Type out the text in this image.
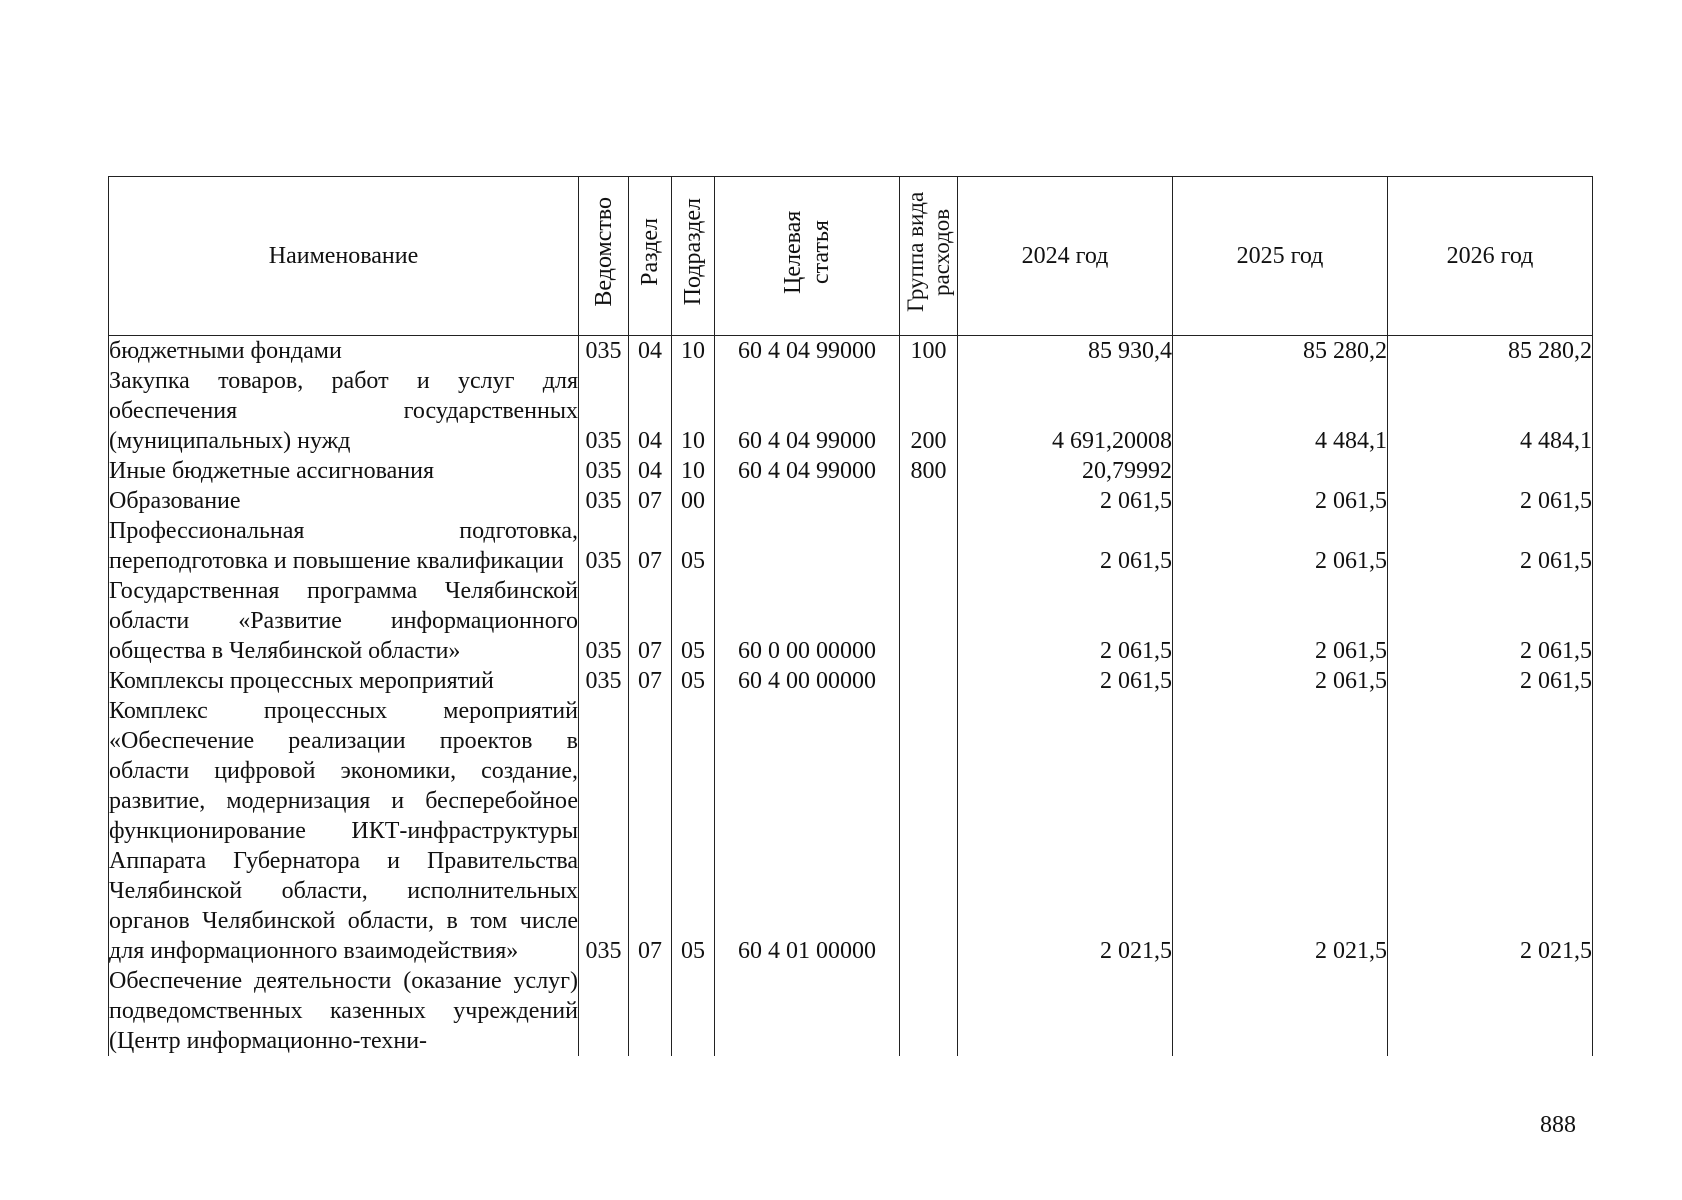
Наименование	Ведомство	Раздел	Подраздел	Целевая статья	Группа вида расходов	2024 год	2025 год	2026 год
бюджетными фондами	035	04	10	60 4 04 99000	100	85 930,4	85 280,2	85 280,2
Закупка товаров, работ и услуг для обеспечения государственных (муниципальных) нужд	035	04	10	60 4 04 99000	200	4 691,20008	4 484,1	4 484,1
Иные бюджетные ассигнования	035	04	10	60 4 04 99000	800	20,79992		
Образование	035	07	00			2 061,5	2 061,5	2 061,5
Профессиональная подготовка, переподготовка и повышение квалификации	035	07	05			2 061,5	2 061,5	2 061,5
Государственная программа Челябинской области «Развитие информационного общества в Челябинской области»	035	07	05	60 0 00 00000		2 061,5	2 061,5	2 061,5
Комплексы процессных мероприятий	035	07	05	60 4 00 00000		2 061,5	2 061,5	2 061,5
Комплекс процессных мероприятий «Обеспечение реализации проектов в области цифровой экономики, создание, развитие, модернизация и бесперебойное функционирование ИКТ-инфраструктуры Аппарата Губернатора и Правительства Челябинской области, исполнительных органов Челябинской области, в том числе для информационного взаимодействия»	035	07	05	60 4 01 00000		2 021,5	2 021,5	2 021,5
Обеспечение деятельности (оказание услуг) подведомственных казенных учреждений (Центр информационно-техни-								
888
